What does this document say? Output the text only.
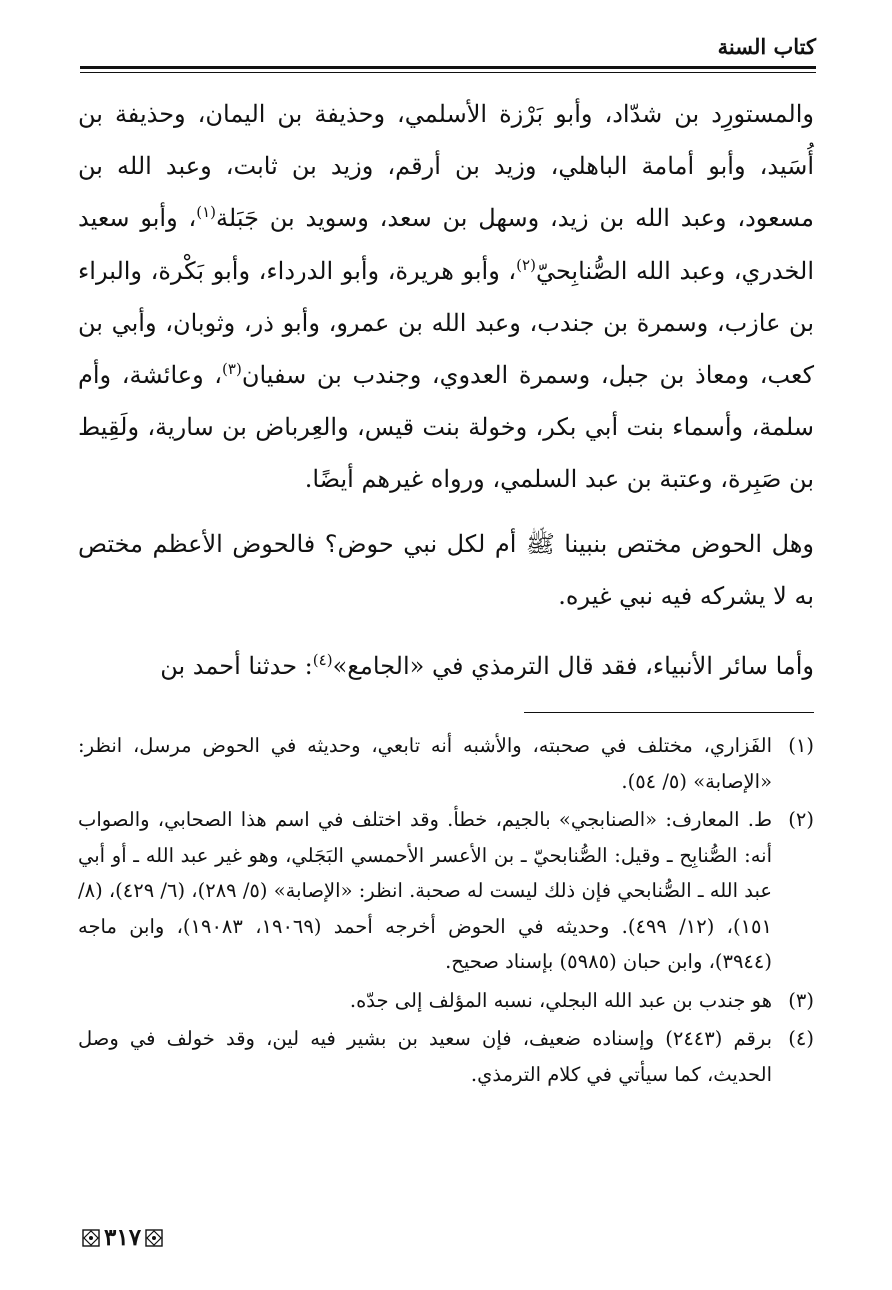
كتاب السنة

والمستورِد بن شدّاد، وأبو بَرْزة الأسلمي، وحذيفة بن اليمان، وحذيفة بن أُسَيد، وأبو أمامة الباهلي، وزيد بن أرقم، وزيد بن ثابت، وعبد الله بن مسعود، وعبد الله بن زيد، وسهل بن سعد، وسويد بن جَبَلة$^{(١)}$، وأبو سعيد الخدري، وعبد الله الصُّنابِحيّ$^{(٢)}$، وأبو هريرة، وأبو الدرداء، وأبو بَكْرة، والبراء بن عازب، وسمرة بن جندب، وعبد الله بن عمرو، وأبو ذر، وثوبان، وأبي بن كعب، ومعاذ بن جبل، وسمرة العدوي، وجندب بن سفيان$^{(٣)}$، وعائشة، وأم سلمة، وأسماء بنت أبي بكر، وخولة بنت قيس، والعِرباض بن سارية، ولَقِيط بن صَبِرة، وعتبة بن عبد السلمي، ورواه غيرهم أيضًا.

وهل الحوض مختص بنبينا ﷺ أم لكل نبي حوض؟ فالحوض الأعظم مختص به لا يشركه فيه نبي غيره.

وأما سائر الأنبياء، فقد قال الترمذي في «الجامع»$^{(٤)}$: حدثنا أحمد بن

(١)
الفَزاري، مختلف في صحبته، والأشبه أنه تابعي، وحديثه في الحوض مرسل، انظر: «الإصابة» (٥/ ٥٤).
(٢)
ط. المعارف: «الصنابجي» بالجيم، خطأ. وقد اختلف في اسم هذا الصحابي، والصواب أنه: الصُّنابِح ـ وقيل: الصُّنابحيّ ـ بن الأعسر الأحمسي البَجَلي، وهو غير عبد الله ـ أو أبي عبد الله ـ الصُّنابحي فإن ذلك ليست له صحبة. انظر: «الإصابة» (٥/ ٢٨٩)، (٦/ ٤٢٩)، (٨/ ١٥١)، (١٢/ ٤٩٩). وحديثه في الحوض أخرجه أحمد (١٩٠٦٩، ١٩٠٨٣)، وابن ماجه (٣٩٤٤)، وابن حبان (٥٩٨٥) بإسناد صحيح.
(٣)
هو جندب بن عبد الله البجلي، نسبه المؤلف إلى جدّه.
(٤)
برقم (٢٤٤٣) وإسناده ضعيف، فإن سعيد بن بشير فيه لين، وقد خولف في وصل الحديث، كما سيأتي في كلام الترمذي.
٣١٧
